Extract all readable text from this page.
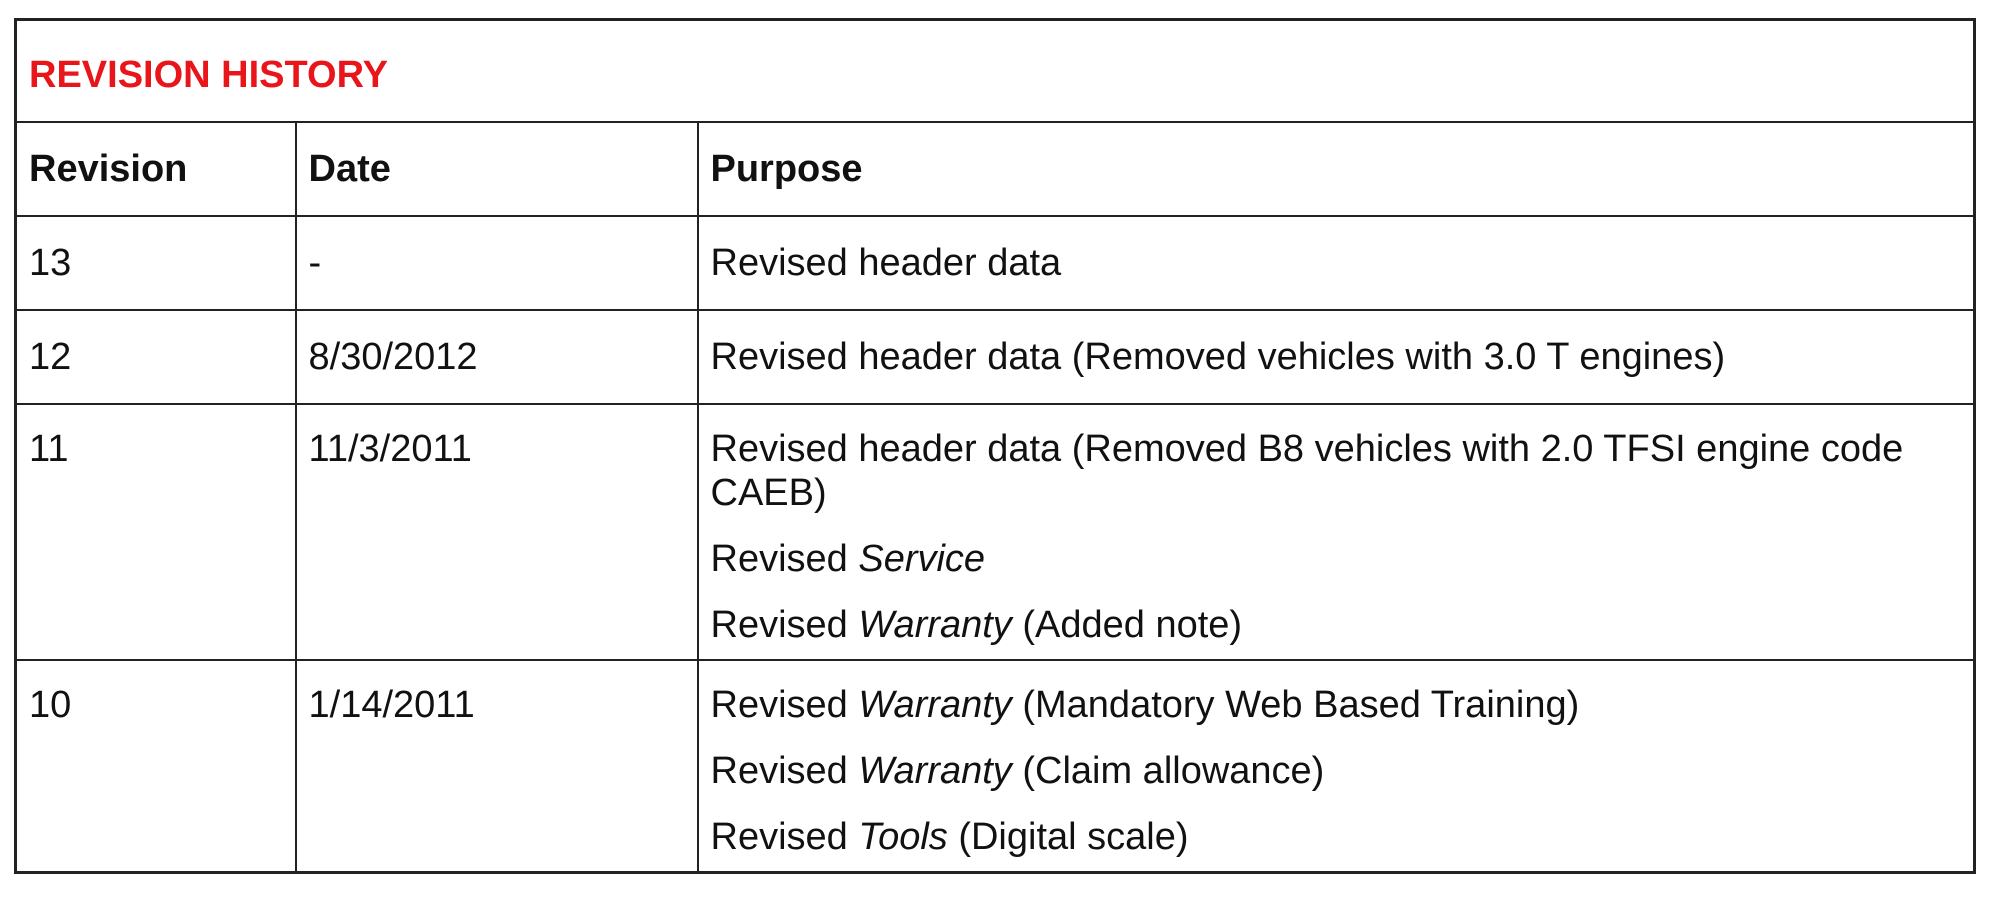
REVISION HISTORY		
Revision	Date	Purpose
13	-	Revised header data

12	8/30/2012	Revised header data (Removed vehicles with 3.0 T engines)

11	11/3/2011	Revised header data (Removed B8 vehicles with 2.0 TFSI engine code CAEB)
Revised Service
Revised Warranty (Added note)

10	1/14/2011	Revised Warranty (Mandatory Web Based Training)
Revised Warranty (Claim allowance)
Revised Tools (Digital scale)
